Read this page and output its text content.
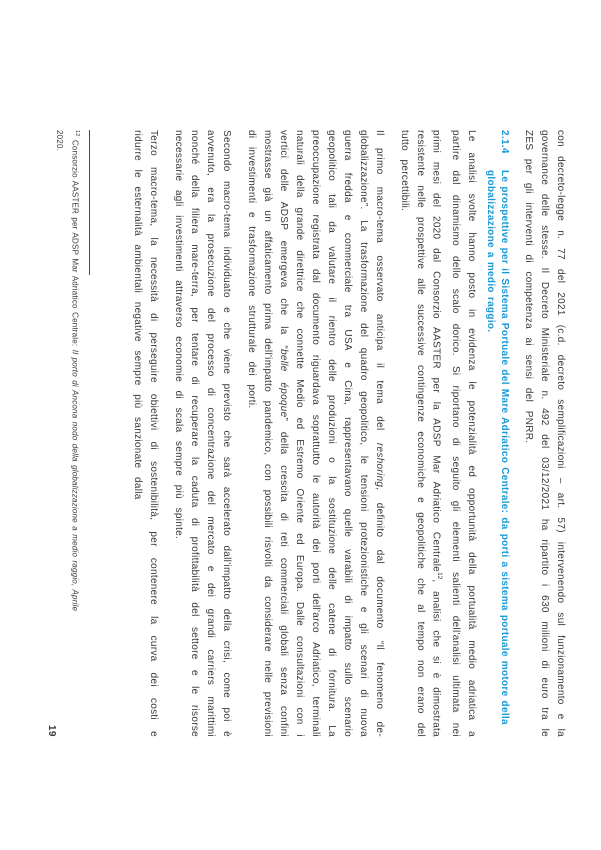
con decreto-legge n. 77 del 2021 (c.d. decreto semplificazioni – art. 57) intervenendo sul funzionamento e la governance delle stesse. Il Decreto Ministeriale n. 492 del 03/12/2021 ha ripartito i 630 milioni di euro tra le ZES per gli interventi di competenza ai sensi del PNRR.

2.1.4Le prospettive per il Sistema Portuale del Mare Adriatico Centrale: da porti a sistema portuale motore della globalizzazione a medio raggio.

Le analisi svolte hanno posto in evidenza le potenzialità ed opportunità della portualità medio adriatica a partire dal dinamismo dello scalo dorico. Si riportano di seguito gli elementi salienti dell'analisi ultimata nei primi mesi del 2020 dal Consorzio AASTER per la ADSP Mar Adriatico Centrale$^{12}$, analisi che si è dimostrata resistente nelle prospettive alle successive contingenze economiche e geopolitiche che al tempo non erano del tutto percettibili.

Il primo macro-tema osservato anticipa il tema del reshoring, definito dal documento “Il fenomeno de-globalizzazione”. La trasformazione del quadro geopolitico, le tensioni protezionistiche e gli scenari di nuova guerra fredda e commerciale tra USA e Cina, rappresentavano quelle varabili di impatto sullo scenario geopolitico tali da valutare il rientro delle produzioni o la sostituzione delle catene di fornitura. La preoccupazione registrata dal documento riguardava soprattutto le autorità dei porti dell'arco Adriatico, terminali naturali della grande direttrice che connette Medio ed Estremo Oriente ed Europa. Dalle consultazioni con i vertici delle ADSP emergeva che la “belle époque” della crescita di reti commerciali globali senza confini mostrasse già un affaticamento prima dell'impatto pandemico, con possibili risvolti da considerare nelle previsioni di investimenti e trasformazione strutturale dei porti.

Secondo macro-tema individuato e che viene previsto che sarà accelerato dall'impatto della crisi, come poi è avvenuto, era la prosecuzione del processo di concentrazione del mercato e dei grandi carriers marittimi nonché della filiera mare-terra, per tentare di recuperare la caduta di profittabilità del settore e le risorse necessarie agli investimenti attraverso economie di scala sempre più spinte.

Terzo macro-tema, la necessità di perseguire obiettivi di sostenibilità, per contenere la curva dei costi e ridurre le esternalità ambientali negative sempre più sanzionate dalla

$^{12}$ Consorzio AASTER per ADSP Mar Adriatico Centrale: Il porto di Ancona nodo della globalizzazione a medio raggio, Aprile

2020.

19
